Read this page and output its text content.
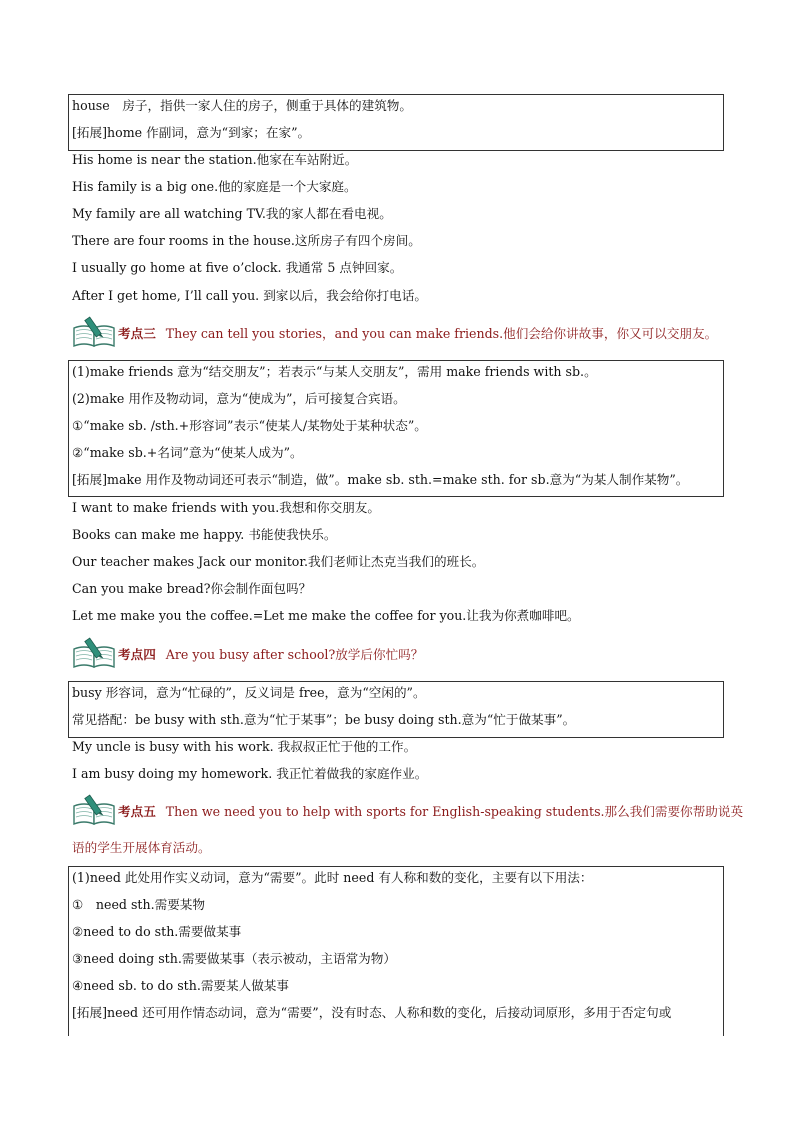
house　房子，指供一家人住的房子，侧重于具体的建筑物。
[拓展]home 作副词，意为“到家；在家”。
His home is near the station.他家在车站附近。
His family is a big one.他的家庭是一个大家庭。
My family are all watching TV.我的家人都在看电视。
There are four rooms in the house.这所房子有四个房间。
I usually go home at five o’clock. 我通常 5 点钟回家。
After I get home, I’ll call you. 到家以后，我会给你打电话。
考点三 They can tell you stories，and you can make friends.他们会给你讲故事，你又可以交朋友。
(1)make friends 意为“结交朋友”；若表示“与某人交朋友”，需用 make friends with sb.。
(2)make 用作及物动词，意为“使成为”，后可接复合宾语。
①“make sb. /sth.+形容词”表示“使某人/某物处于某种状态”。
②“make sb.+名词”意为“使某人成为”。
[拓展]make 用作及物动词还可表示“制造，做”。make sb. sth.=make sth. for sb.意为“为某人制作某物”。
I want to make friends with you.我想和你交朋友。
Books can make me happy. 书能使我快乐。
Our teacher makes Jack our monitor.我们老师让杰克当我们的班长。
Can you make bread?你会制作面包吗？
Let me make you the coffee.=Let me make the coffee for you.让我为你煮咖啡吧。
考点四 Are you busy after school?放学后你忙吗？
busy 形容词，意为“忙碌的”，反义词是 free，意为“空闲的”。
常见搭配：be busy with sth.意为“忙于某事”；be busy doing sth.意为“忙于做某事”。
My uncle is busy with his work. 我叔叔正忙于他的工作。
I am busy doing my homework. 我正忙着做我的家庭作业。
考点五 Then we need you to help with sports for English-speaking students.那么我们需要你帮助说英
语的学生开展体育活动。
(1)need 此处用作实义动词，意为“需要”。此时 need 有人称和数的变化，主要有以下用法：
①　need sth.需要某物
②need to do sth.需要做某事
③need doing sth.需要做某事（表示被动，主语常为物）
④need sb. to do sth.需要某人做某事
[拓展]need 还可用作情态动词，意为“需要”，没有时态、人称和数的变化，后接动词原形，多用于否定句或
